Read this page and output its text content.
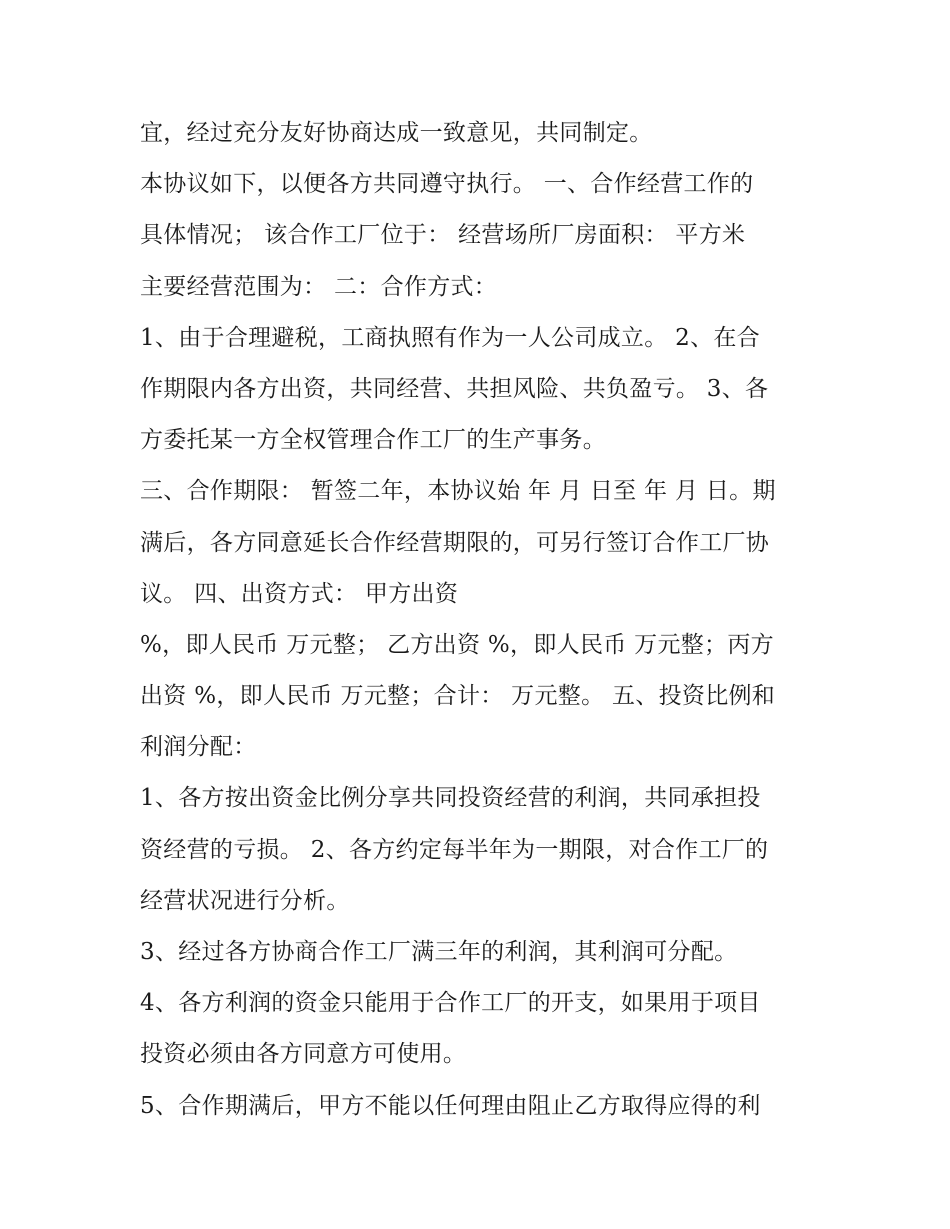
宜，经过充分友好协商达成一致意见，共同制定。
本协议如下，以便各方共同遵守执行。 一、合作经营工作的
具体情况； 该合作工厂位于： 经营场所厂房面积： 平方米
主要经营范围为： 二：合作方式：
1、由于合理避税，工商执照有作为一人公司成立。 2、在合
作期限内各方出资，共同经营、共担风险、共负盈亏。 3、各
方委托某一方全权管理合作工厂的生产事务。
三、合作期限： 暂签二年，本协议始 年 月 日至 年 月 日。期
满后，各方同意延长合作经营期限的，可另行签订合作工厂协
议。 四、出资方式： 甲方出资
%，即人民币 万元整； 乙方出资 %，即人民币 万元整；丙方
出资 %，即人民币 万元整；合计： 万元整。 五、投资比例和
利润分配：
1、各方按出资金比例分享共同投资经营的利润，共同承担投
资经营的亏损。 2、各方约定每半年为一期限，对合作工厂的
经营状况进行分析。
3、经过各方协商合作工厂满三年的利润，其利润可分配。
4、各方利润的资金只能用于合作工厂的开支，如果用于项目
投资必须由各方同意方可使用。
5、合作期满后，甲方不能以任何理由阻止乙方取得应得的利
